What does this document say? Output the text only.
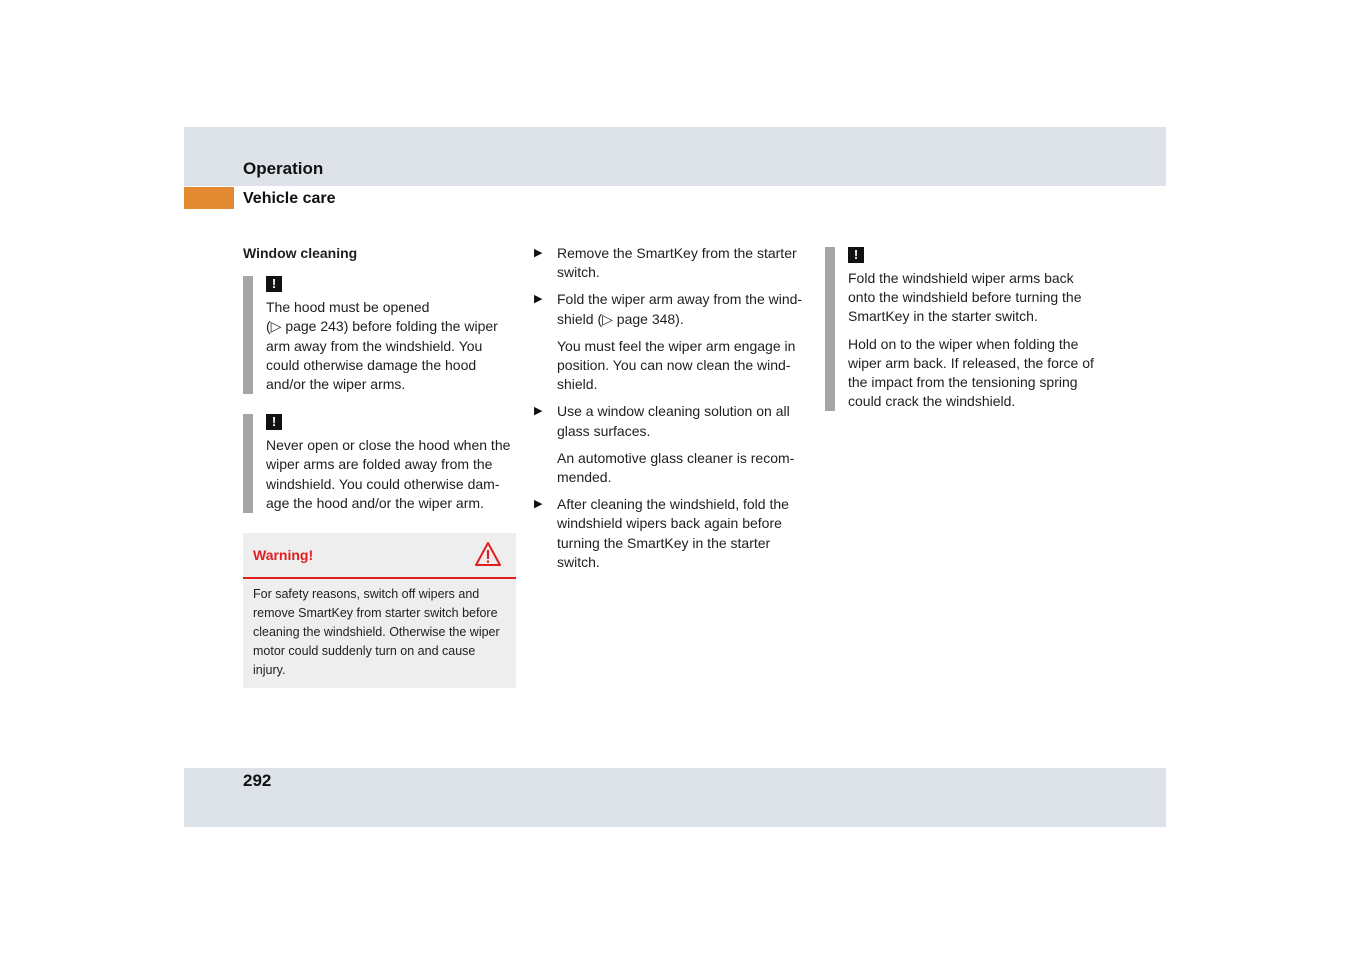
Operation
Vehicle care
Window cleaning
!
The hood must be opened
(▷ page 243) before folding the wiper arm away from the windshield. You could otherwise damage the hood and/or the wiper arms.
!
Never open or close the hood when the wiper arms are folded away from the windshield. You could otherwise dam-age the hood and/or the wiper arm.
Warning!
For safety reasons, switch off wipers and remove SmartKey from starter switch before cleaning the windshield. Otherwise the wiper motor could suddenly turn on and cause injury.
▶ Remove the SmartKey from the starter switch.
▶ Fold the wiper arm away from the wind-shield (▷ page 348).
You must feel the wiper arm engage in position. You can now clean the wind-shield.
▶ Use a window cleaning solution on all glass surfaces.
An automotive glass cleaner is recom-mended.
▶ After cleaning the windshield, fold the windshield wipers back again before turning the SmartKey in the starter switch.
!

Fold the windshield wiper arms back onto the windshield before turning the SmartKey in the starter switch.

Hold on to the wiper when folding the wiper arm back. If released, the force of the impact from the tensioning spring could crack the windshield.

292
